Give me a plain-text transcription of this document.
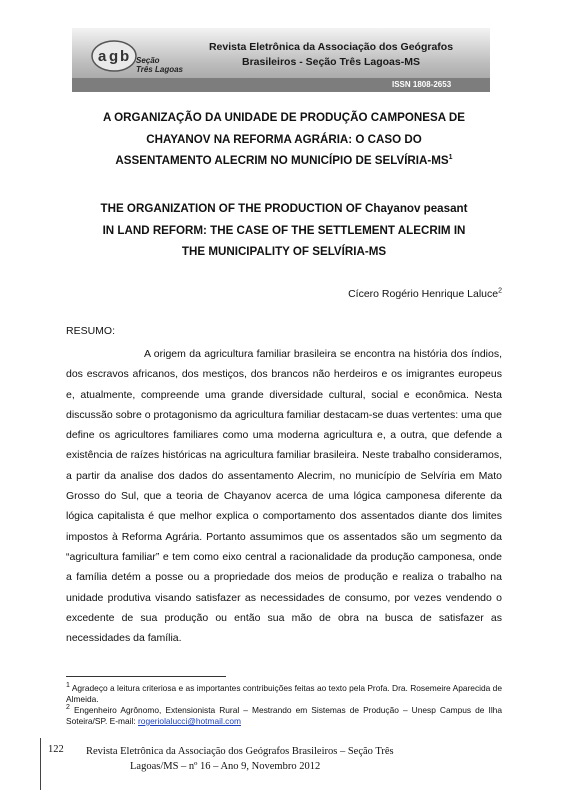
a g b Seção
Três Lagoas
Revista Eletrônica da Associação dos Geógrafos
Brasileiros - Seção Três Lagoas-MS
ISSN 1808-2653
A ORGANIZAÇÃO DA UNIDADE DE PRODUÇÃO CAMPONESA DE
CHAYANOV NA REFORMA AGRÁRIA: O CASO DO
ASSENTAMENTO ALECRIM NO MUNICÍPIO DE SELVÍRIA-$MS^1$
THE ORGANIZATION OF THE PRODUCTION OF Chayanov peasant
IN LAND REFORM: THE CASE OF THE SETTLEMENT ALECRIM IN
THE MUNICIPALITY OF SELVÍRIA-MS
Cícero Rogério Henrique Laluce$^2$
RESUMO:

A origem da agricultura familiar brasileira se encontra na história dos índios, dos escravos africanos, dos mestiços, dos brancos não herdeiros e os imigrantes europeus e, atualmente, compreende uma grande diversidade cultural, social e econômica. Nesta discussão sobre o protagonismo da agricultura familiar destacam-se duas vertentes: uma que define os agricultores familiares como uma moderna agricultura e, a outra, que defende a existência de raízes históricas na agricultura familiar brasileira. Neste trabalho consideramos, a partir da analise dos dados do assentamento Alecrim, no município de Selvíria em Mato Grosso do Sul, que a teoria de Chayanov acerca de uma lógica camponesa diferente da lógica capitalista é que melhor explica o comportamento dos assentados diante dos limites impostos à Reforma Agrária. Portanto assumimos que os assentados são um segmento da “agricultura familiar” e tem como eixo central a racionalidade da produção camponesa, onde a família detém a posse ou a propriedade dos meios de produção e realiza o trabalho na unidade produtiva visando satisfazer as necessidades de consumo, por vezes vendendo o excedente de sua produção ou então sua mão de obra na busca de satisfazer as necessidades da família.

$^1$ Agradeço a leitura criteriosa e as importantes contribuições feitas ao texto pela Profa. Dra. Rosemeire Aparecida de Almeida.

$^2$ Engenheiro Agrônomo, Extensionista Rural – Mestrando em Sistemas de Produção – Unesp Campus de Ilha Soteira/SP. E-mail: rogeriolalucci@hotmail.com

122 Revista Eletrônica da Associação dos Geógrafos Brasileiros – Seção Três
Lagoas/MS – nº 16 – Ano 9, Novembro 2012
